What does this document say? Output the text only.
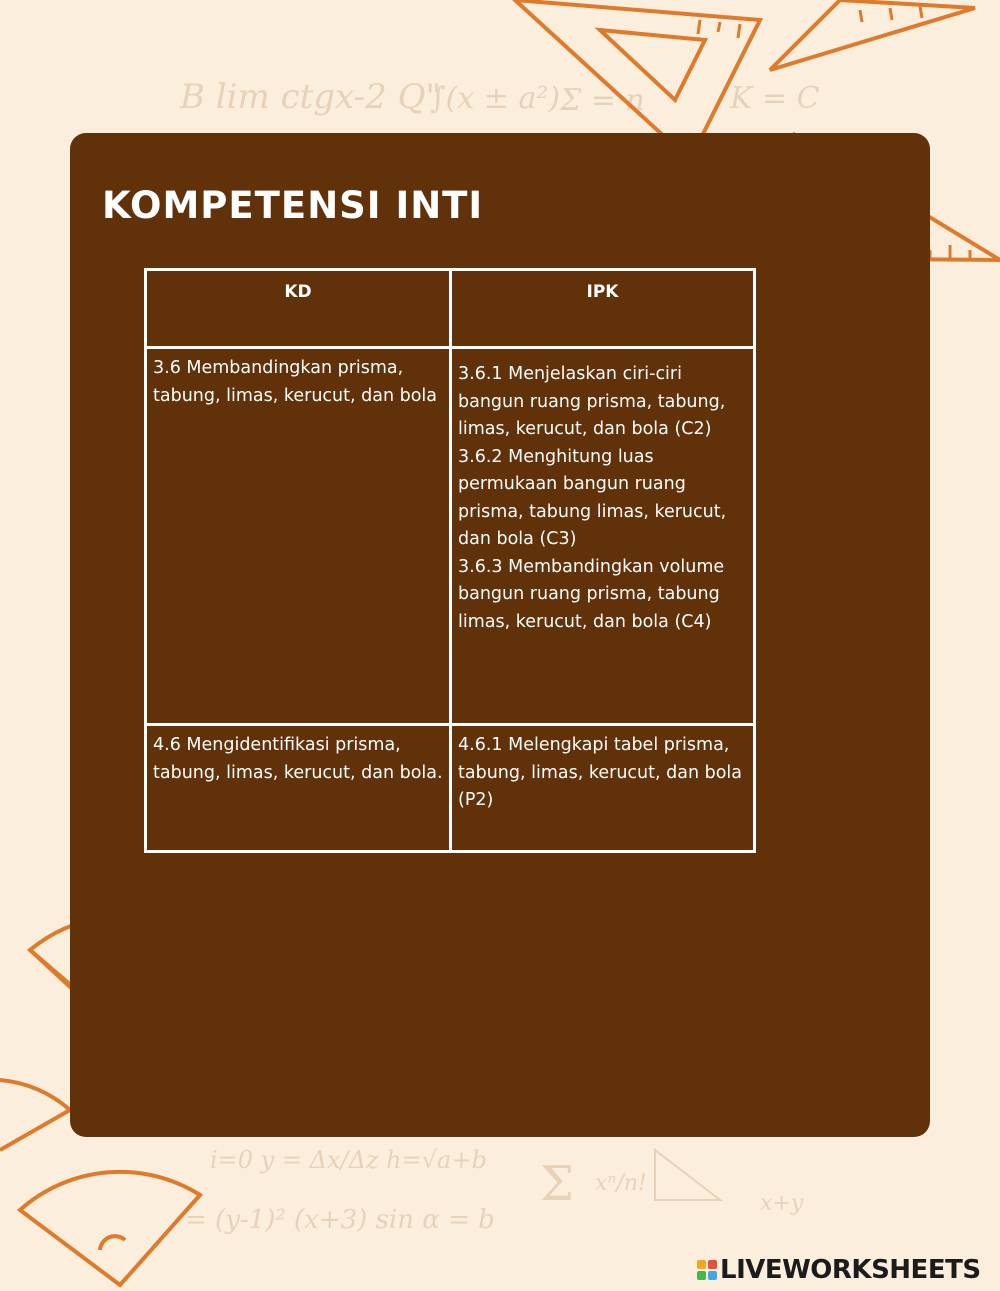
B lim ctgx-2 Q"
∫(x ± a²) Σ = n	K = C
i=0 y = Δx/Δz h=√a+b
= (y-1)² (x+3) sin α = b
Σ xⁿ/n!
x+y
KOMPETENSI INTI
KD	IPK
3.6 Membandingkan prisma, tabung, limas, kerucut, dan bola	3.6.1 Menjelaskan ciri-ciri bangun ruang prisma, tabung, limas, kerucut, dan bola (C2)
3.6.2 Menghitung luas permukaan bangun ruang prisma, tabung limas, kerucut, dan bola (C3)
3.6.3 Membandingkan volume bangun ruang prisma, tabung limas, kerucut, dan bola (C4)
4.6 Mengidentifikasi prisma, tabung, limas, kerucut, dan bola.	4.6.1 Melengkapi tabel prisma, tabung, limas, kerucut, dan bola (P2)
LIVEWORKSHEETS
